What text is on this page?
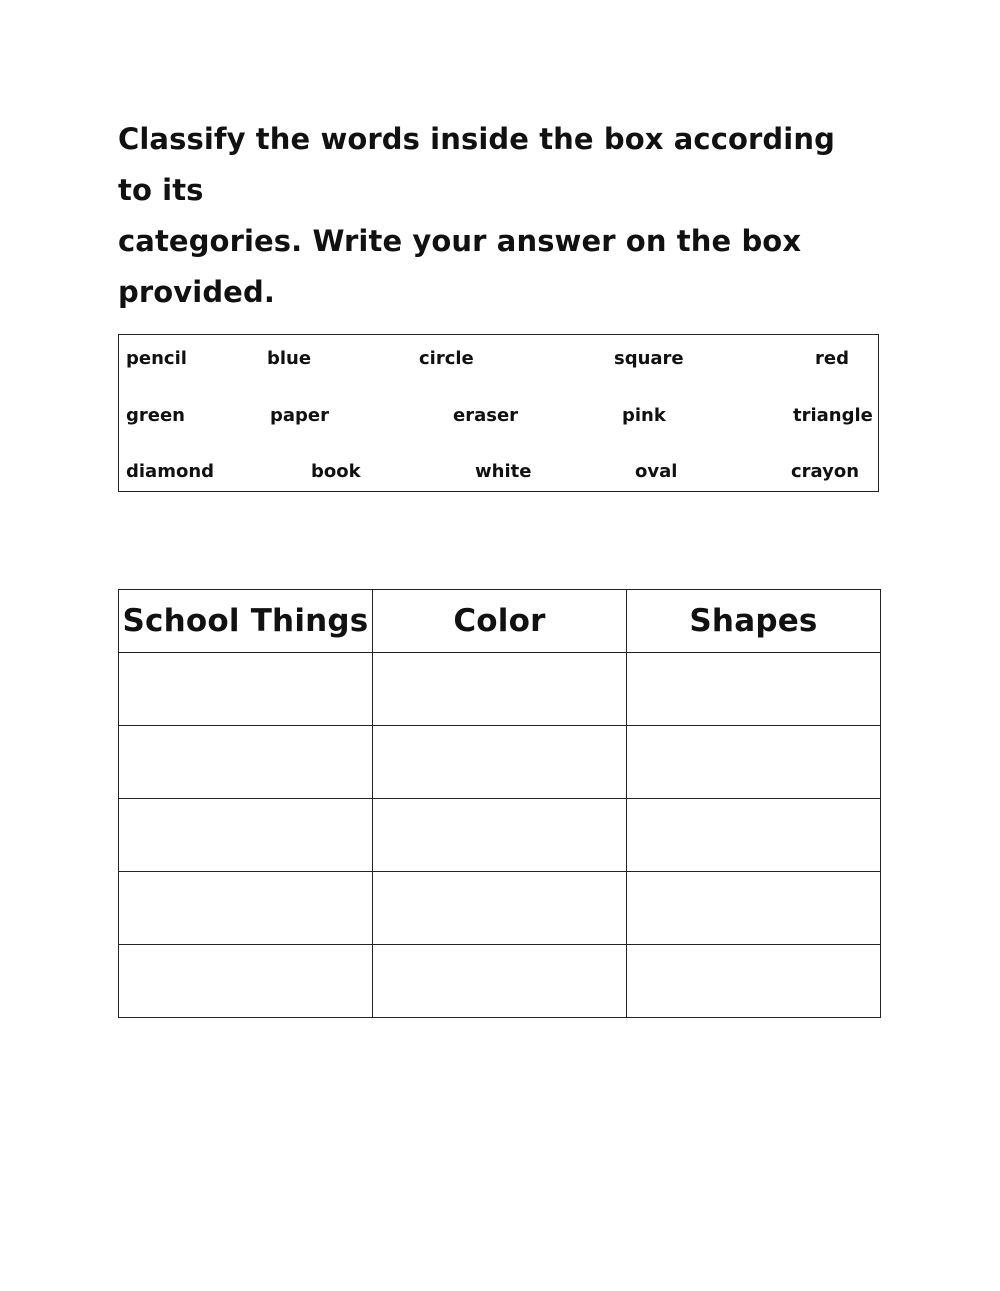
Classify the words inside the box according to its
categories. Write your answer on the box
provided.

pencil	blue	circle	square	red
green	paper	eraser	pink	triangle
diamond	book	white	oval	crayon
School Things	Color	Shapes
